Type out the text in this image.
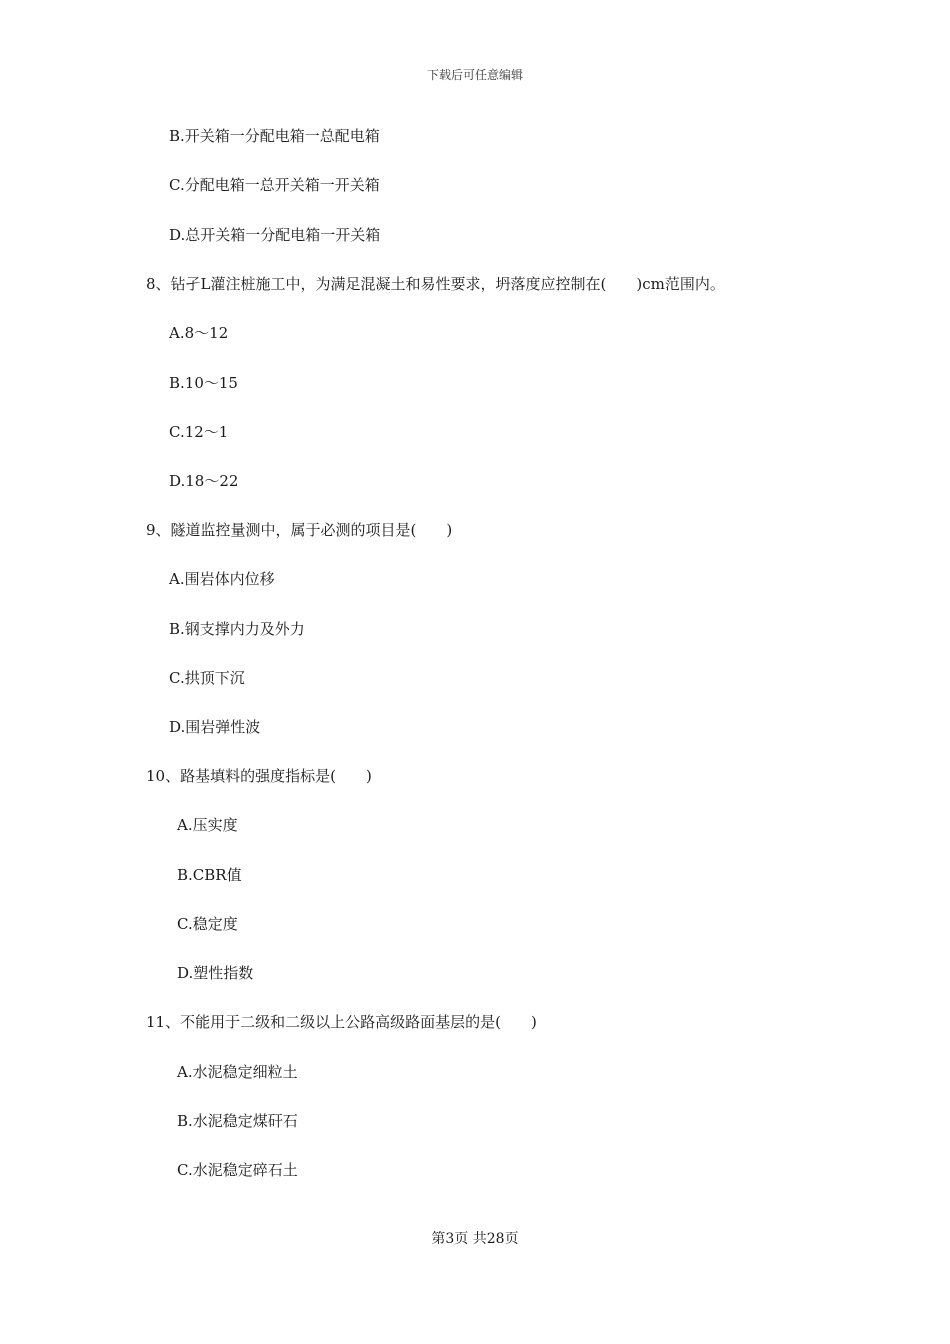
下载后可任意编辑
B.开关箱一分配电箱一总配电箱
C.分配电箱一总开关箱一开关箱
D.总开关箱一分配电箱一开关箱
8、钻孑L灌注桩施工中，为满足混凝土和易性要求，坍落度应控制在(　　)cm范围内。
A.8～12
B.10～15
C.12～1
D.18～22
9、隧道监控量测中，属于必测的项目是(　　)
A.围岩体内位移
B.钢支撑内力及外力
C.拱顶下沉
D.围岩弹性波
10、路基填料的强度指标是(　　)
A.压实度
B.CBR值
C.稳定度
D.塑性指数
11、不能用于二级和二级以上公路高级路面基层的是(　　)
A.水泥稳定细粒土
B.水泥稳定煤矸石
C.水泥稳定碎石土
第3页 共28页
